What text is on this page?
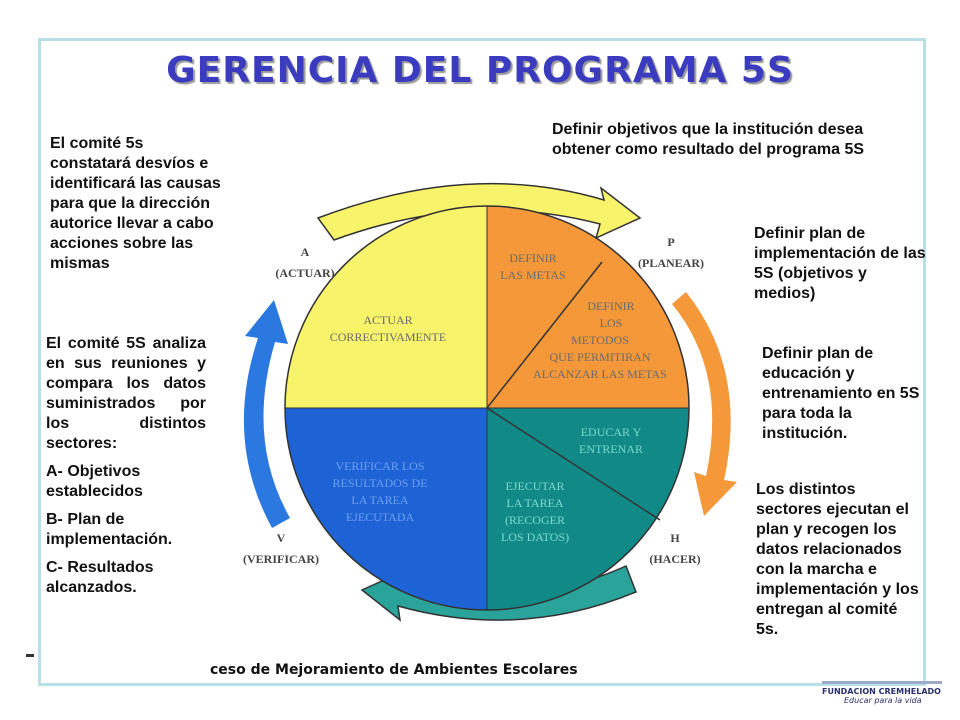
GERENCIA DEL PROGRAMA 5S
DEFINIR
LAS METAS
DEFINIR
LOS
METODOS
QUE PERMITIRAN
ALCANZAR LAS METAS
EDUCAR Y
ENTRENAR
EJECUTAR
LA TAREA
(RECOGER
LOS DATOS)
VERIFICAR LOS
RESULTADOS DE
LA TAREA
EJECUTADA
ACTUAR
CORRECTIVAMENTE
A
(ACTUAR)
P
(PLANEAR)
H
(HACER)
V
(VERIFICAR)
Definir objetivos que la institución desea obtener como resultado del programa 5S
El comité 5s constatará desvíos e identificará las causas para que la dirección autorice llevar a cabo acciones sobre las mismas
Definir plan de implementación de las 5S (objetivos y medios)
Definir plan de educación y entrenamiento en 5S para toda la institución.
Los distintos sectores ejecutan el plan y recogen los datos relacionados con la marcha e implementación y los entregan al comité 5s.
El comité 5S analiza en sus reuniones y compara los datos suministrados por los distintos sectores:
A- Objetivos establecidos
B- Plan de implementación.
C- Resultados alcanzados.
ceso de Mejoramiento de Ambientes Escolares
FUNDACION CREMHELADO
Educar para la vida
